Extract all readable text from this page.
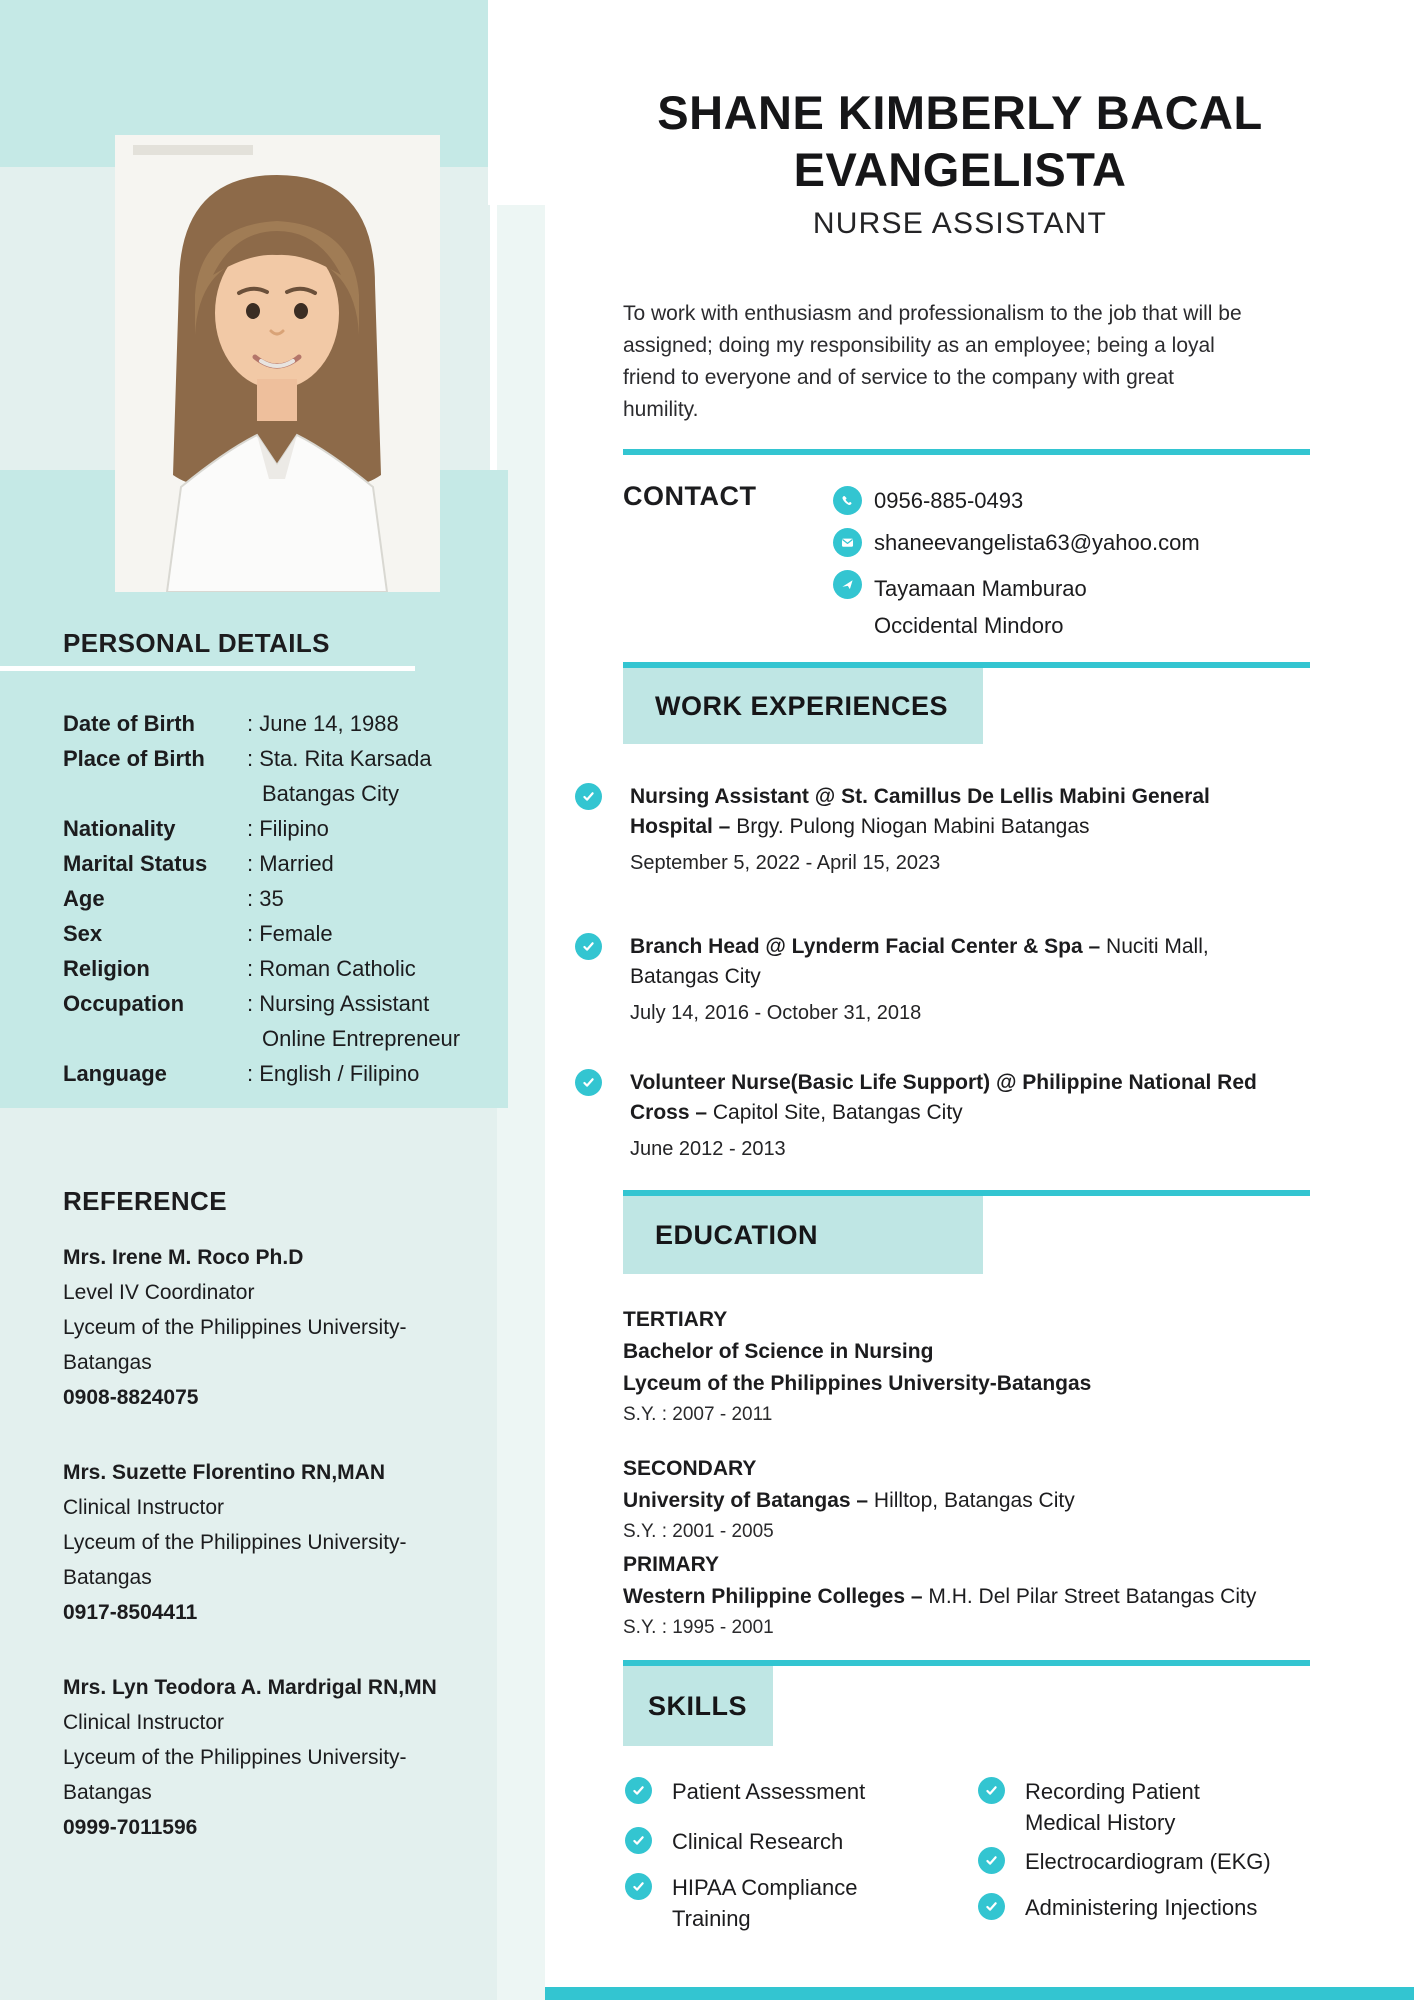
PERSONAL DETAILS
Date of Birth	: June 14, 1988
Place of Birth	: Sta. Rita Karsada Batangas City
Nationality	: Filipino
Marital Status	: Married
Age	: 35
Sex	: Female
Religion	: Roman Catholic
Occupation	: Nursing Assistant Online Entrepreneur
Language	: English / Filipino
REFERENCE
Mrs. Irene M. Roco Ph.D
Level IV Coordinator
Lyceum of the Philippines University-
Batangas
0908-8824075
Mrs. Suzette Florentino RN,MAN
Clinical Instructor
Lyceum of the Philippines University-
Batangas
0917-8504411
Mrs. Lyn Teodora A. Mardrigal RN,MN
Clinical Instructor
Lyceum of the Philippines University-
Batangas
0999-7011596
SHANE KIMBERLY BACAL
EVANGELISTA
NURSE ASSISTANT
To work with enthusiasm and professionalism to the job that will be
assigned; doing my responsibility as an employee; being a loyal
friend to everyone and of service to the company with great
humility.
CONTACT	0956-885-0493
shaneevangelista63@yahoo.com
Tayamaan Mamburao
Occidental Mindoro
WORK EXPERIENCES
Nursing Assistant @ St. Camillus De Lellis Mabini General
Hospital – Brgy. Pulong Niogan Mabini Batangas
September 5, 2022 - April 15, 2023
Branch Head @ Lynderm Facial Center & Spa – Nuciti Mall,
Batangas City
July 14, 2016 - October 31, 2018
Volunteer Nurse(Basic Life Support) @ Philippine National Red
Cross – Capitol Site, Batangas City
June 2012 - 2013
EDUCATION
TERTIARY
Bachelor of Science in Nursing
Lyceum of the Philippines University-Batangas
S.Y. : 2007 - 2011
SECONDARY
University of Batangas – Hilltop, Batangas City
S.Y. : 2001 - 2005
PRIMARY
Western Philippine Colleges – M.H. Del Pilar Street Batangas City
S.Y. : 1995 - 2001
SKILLS
Patient Assessment
Clinical Research
HIPAA Compliance
Training
Recording Patient
Medical History
Electrocardiogram (EKG)
Administering Injections
